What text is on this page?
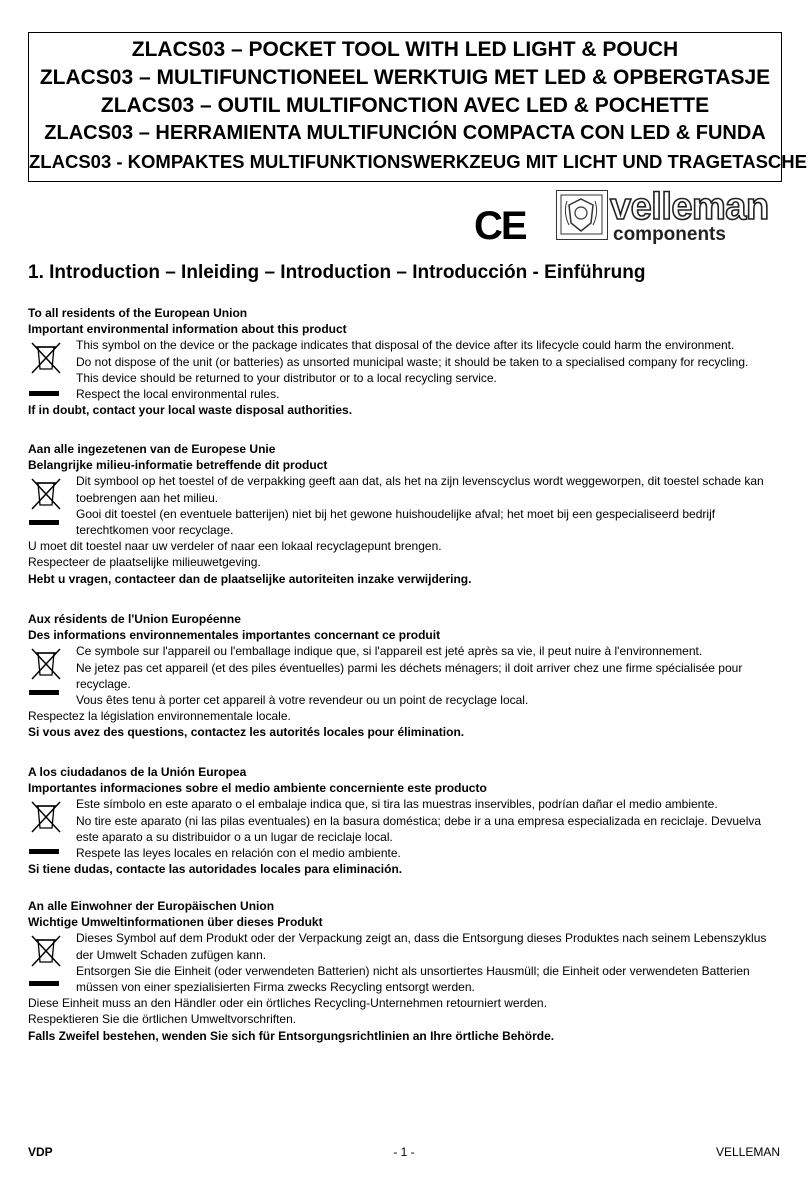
ZLACS03 – POCKET TOOL WITH LED LIGHT & POUCH
ZLACS03 – MULTIFUNCTIONEEL WERKTUIG MET LED & OPBERGTASJE
ZLACS03 – OUTIL MULTIFONCTION AVEC LED & POCHETTE
ZLACS03 – HERRAMIENTA MULTIFUNCIÓN COMPACTA CON LED & FUNDA
ZLACS03 - KOMPAKTES MULTIFUNKTIONSWERKZEUG MIT LICHT UND TRAGETASCHE
CE velleman
components
1. Introduction – Inleiding – Introduction – Introducción - Einführung
To all residents of the European Union
Important environmental information about this product
This symbol on the device or the package indicates that disposal of the device after its lifecycle could harm the environment.
Do not dispose of the unit (or batteries) as unsorted municipal waste; it should be taken to a specialised company for recycling.
This device should be returned to your distributor or to a local recycling service.
Respect the local environmental rules.
If in doubt, contact your local waste disposal authorities.
Aan alle ingezetenen van de Europese Unie
Belangrijke milieu-informatie betreffende dit product
Dit symbool op het toestel of de verpakking geeft aan dat, als het na zijn levenscyclus wordt weggeworpen, dit toestel schade kan
toebrengen aan het milieu.
Gooi dit toestel (en eventuele batterijen) niet bij het gewone huishoudelijke afval; het moet bij een gespecialiseerd bedrijf
terechtkomen voor recyclage.
U moet dit toestel naar uw verdeler of naar een lokaal recyclagepunt brengen.
Respecteer de plaatselijke milieuwetgeving.
Hebt u vragen, contacteer dan de plaatselijke autoriteiten inzake verwijdering.
Aux résidents de l'Union Européenne
Des informations environnementales importantes concernant ce produit
Ce symbole sur l'appareil ou l'emballage indique que, si l'appareil est jeté après sa vie, il peut nuire à l'environnement.
Ne jetez pas cet appareil (et des piles éventuelles) parmi les déchets ménagers; il doit arriver chez une firme spécialisée pour
recyclage.
Vous êtes tenu à porter cet appareil à votre revendeur ou un point de recyclage local.
Respectez la législation environnementale locale.
Si vous avez des questions, contactez les autorités locales pour élimination.
A los ciudadanos de la Unión Europea
Importantes informaciones sobre el medio ambiente concerniente este producto
Este símbolo en este aparato o el embalaje indica que, si tira las muestras inservibles, podrían dañar el medio ambiente.
No tire este aparato (ni las pilas eventuales) en la basura doméstica; debe ir a una empresa especializada en reciclaje. Devuelva
este aparato a su distribuidor o a un lugar de reciclaje local.
Respete las leyes locales en relación con el medio ambiente.
Si tiene dudas, contacte las autoridades locales para eliminación.
An alle Einwohner der Europäischen Union
Wichtige Umweltinformationen über dieses Produkt
Dieses Symbol auf dem Produkt oder der Verpackung zeigt an, dass die Entsorgung dieses Produktes nach seinem Lebenszyklus
der Umwelt Schaden zufügen kann.
Entsorgen Sie die Einheit (oder verwendeten Batterien) nicht als unsortiertes Hausmüll; die Einheit oder verwendeten Batterien
müssen von einer spezialisierten Firma zwecks Recycling entsorgt werden.
Diese Einheit muss an den Händler oder ein örtliches Recycling-Unternehmen retourniert werden.
Respektieren Sie die örtlichen Umweltvorschriften.
Falls Zweifel bestehen, wenden Sie sich für Entsorgungsrichtlinien an Ihre örtliche Behörde.
VDP	- 1 -	VELLEMAN
